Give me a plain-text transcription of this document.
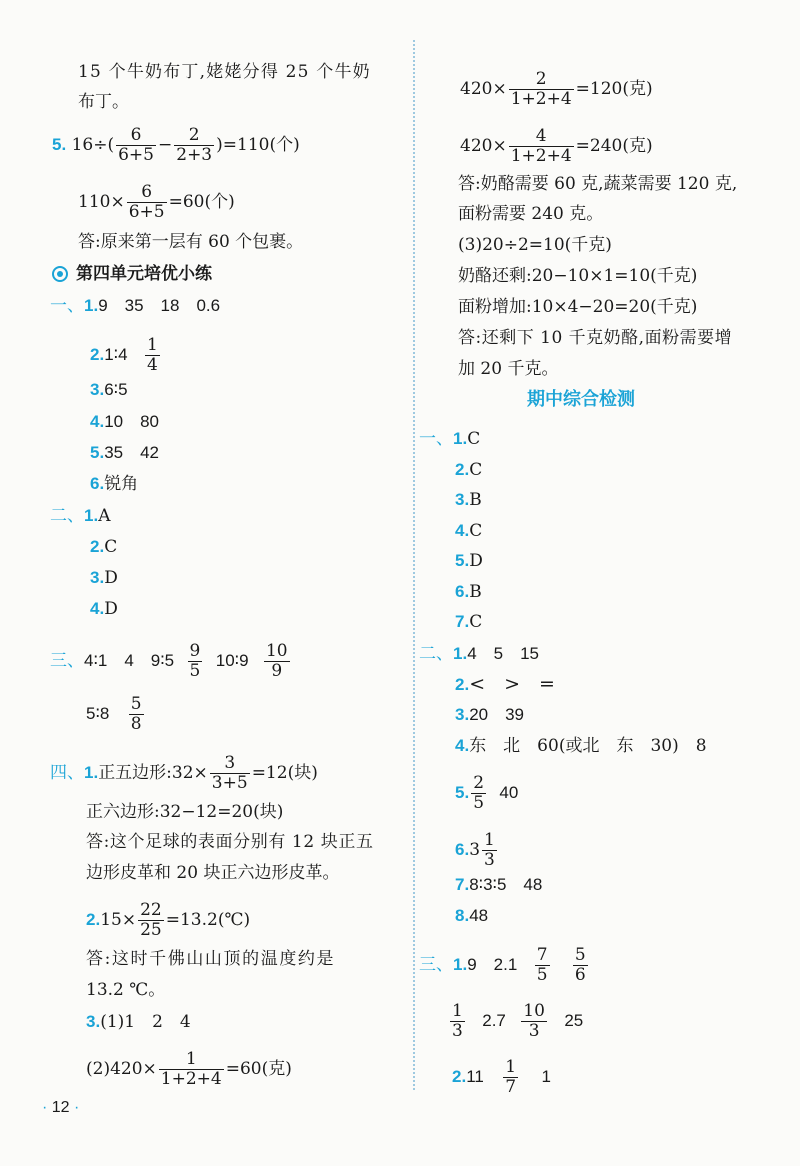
15 个牛奶布丁,姥姥分得 25 个牛奶
布丁。
5. $16\div( \frac{6}{6+5} - \frac{2}{2+3} )=110$(个)
$110\times \frac{6}{6+5} =60$(个)
答:原来第一层有 60 个包裹。
第四单元培优小练
一、1.9　35　18　0.6
2.1∶4 $\frac{1}{4}$
3.6∶5
4.10　80
5.35　42
6.锐角
二、1.A
2.C
3.D
4.D
三、4∶1　4　9∶5 $\frac{9}{5}$ 10∶9 $\frac{10}{9}$
5∶8 $\frac{5}{8}$
四、1.正五边形:32× $\frac{3}{3+5} =12$(块)
正六边形:32−12=20(块)
答:这个足球的表面分别有 12 块正五
边形皮革和 20 块正六边形皮革。
$2.15\times \frac{22}{25}$ =13.2(℃)
答:这时千佛山山顶的温度约是
13.2 ℃。
3.(1)1　2　4
$(2)420\times \frac{1}{1+2+4} =60$(克)
$420\times \frac{2}{1+2+4} =120$(克)
$420\times \frac{4}{1+2+4} =240$(克)
答:奶酪需要 60 克,蔬菜需要 120 克,
面粉需要 240 克。
(3)20÷2=10(千克)
奶酪还剩:20−10×1=10(千克)
面粉增加:10×4−20=20(千克)
答:还剩下 10 千克奶酪,面粉需要增
加 20 千克。
期中综合检测
一、1.C
2.C
3.B
4.C
5.D
6.B
7.C
二、1.4　5　15
2.<　>　=
3.20　39
4.东　北　60(或北　东　30)　8
5. $\frac{2}{5} 40$
$6.3 \frac{1}{3}$
7.8∶3∶5　48
8.48
三、1.9　$2.1 \frac{7}{5}$
$\frac{5}{6}$
$\frac{1}{3} 2.7 \frac{10}{3} 25$
$2.11 \frac{1}{7} 1$
· 12 ·
